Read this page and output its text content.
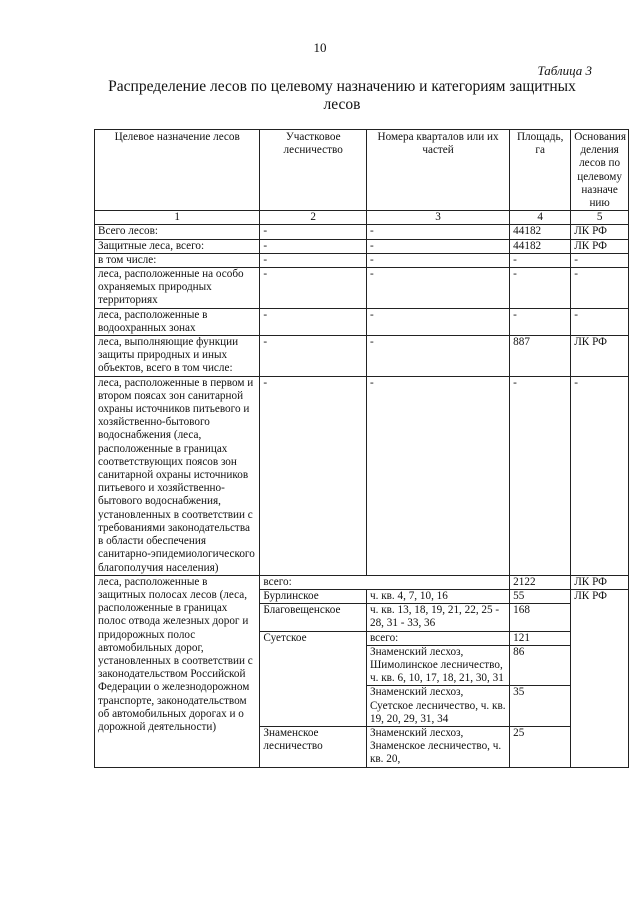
10
Таблица 3
Распределение лесов по целевому назначению и категориям защитных лесов
Целевое назначение лесов	Участковое лесничество	Номера кварталов или их частей	Площадь, га	Основания деления лесов по целевому назначе нию
1	2	3	4	5
Всего лесов:	-	-	44182	ЛК РФ
Защитные леса, всего:	-	-	44182	ЛК РФ
в том числе:	-	-	-	-
леса, расположенные на особо охраняемых природных территориях	-	-	-	-
леса, расположенные в водоохранных зонах	-	-	-	-
леса, выполняющие функции защиты природных и иных объектов, всего в том числе:	-	-	887	ЛК РФ
леса, расположенные в первом и втором поясах зон санитарной охраны источников питьевого и хозяйственно-бытового водоснабжения (леса, расположенные в границах соответствующих поясов зон санитарной охраны источников питьевого и хозяйственно-бытового водоснабжения, установленных в соответствии с требованиями законодательства в области обеспечения санитарно-эпидемиологического благополучия населения)	-	-	-	-
леса, расположенные в защитных полосах лесов (леса, расположенные в границах полос отвода железных дорог и придорожных полос автомобильных дорог, установленных в соответствии с законодательством Российской Федерации о железнодорожном транспорте, законодательством об автомобильных дорогах и о дорожной деятельности)	всего:		2122	ЛК РФ
	Бурлинское	ч. кв. 4, 7, 10, 16	55	ЛК РФ
	Благовещенское	ч. кв. 13, 18, 19, 21, 22, 25 - 28, 31 - 33, 36	168	
	Суетское	всего:	121	
		Знаменский лесхоз, Шимолинское лесничество, ч. кв. 6, 10, 17, 18, 21, 30, 31	86	
		Знаменский лесхоз, Суетское лесничество, ч. кв. 19, 20, 29, 31, 34	35	
	Знаменское лесничество	Знаменский лесхоз, Знаменское лесничество, ч. кв. 20,	25	
